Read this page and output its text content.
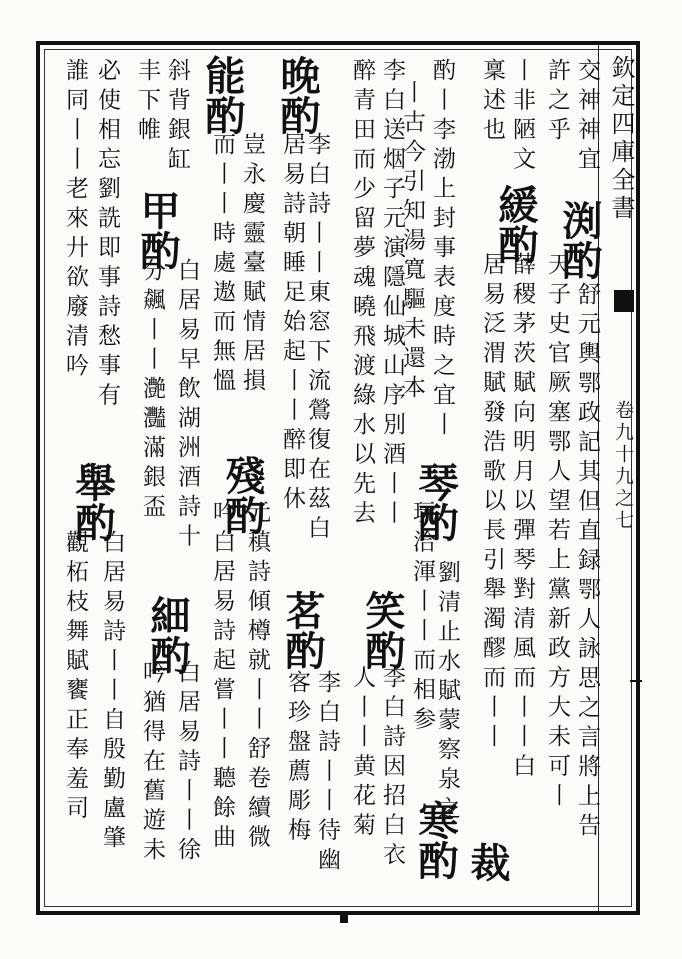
欽定四庫全書
卷九十九之七
交神神宜
渕酌
舒元輿鄂政記其但直録鄂人詠思之言將上告
許之乎
天子史官厥塞鄂人望若上黨新政方大未可丨
丨非陋文
緩酌
薛稷茅茨賦向明月以彈琴對清風而丨丨白
稟述也
居易泛渭賦發浩歌以長引舉濁醪而丨丨
裁
酌丨李渤上封事表度時之宜丨
琴酌
劉清止水賦蒙察泉之
丨古今引知湯寬驅未還本
玩洽渾丨丨而相参
寒酌
李白送烟子元演隱仙城山序別酒丨丨
笑酌
李白詩因招白衣
醉青田而少留夢魂曉飛渡綠水以先去
人丨丨黄花菊
晚酌
李白詩丨丨東窓下流鶯復在茲白
茗酌
李白詩丨丨待幽
居易詩朝睡足始起丨丨醉即休
客珍盤薦彫梅
能酌
豈永慶靈臺賦情居損
殘酌
元稹詩傾樽就丨丨舒卷續微
而丨丨時處遨而無慍
吟白居易詩起嘗丨丨聽餘曲
斜背銀缸
甲酌
白居易早飲湖洲酒詩十
細酌
白居易詩丨丨徐
丰下帷
分飆丨丨灔灩滿銀盃
吟猶得在舊遊未
必使相忘劉詵即事詩愁事有
舉酌
白居易詩丨丨自殷勤盧肇
誰同丨丨老來廾欲廢清吟
觀柘枝舞賦饔正奉羞司
